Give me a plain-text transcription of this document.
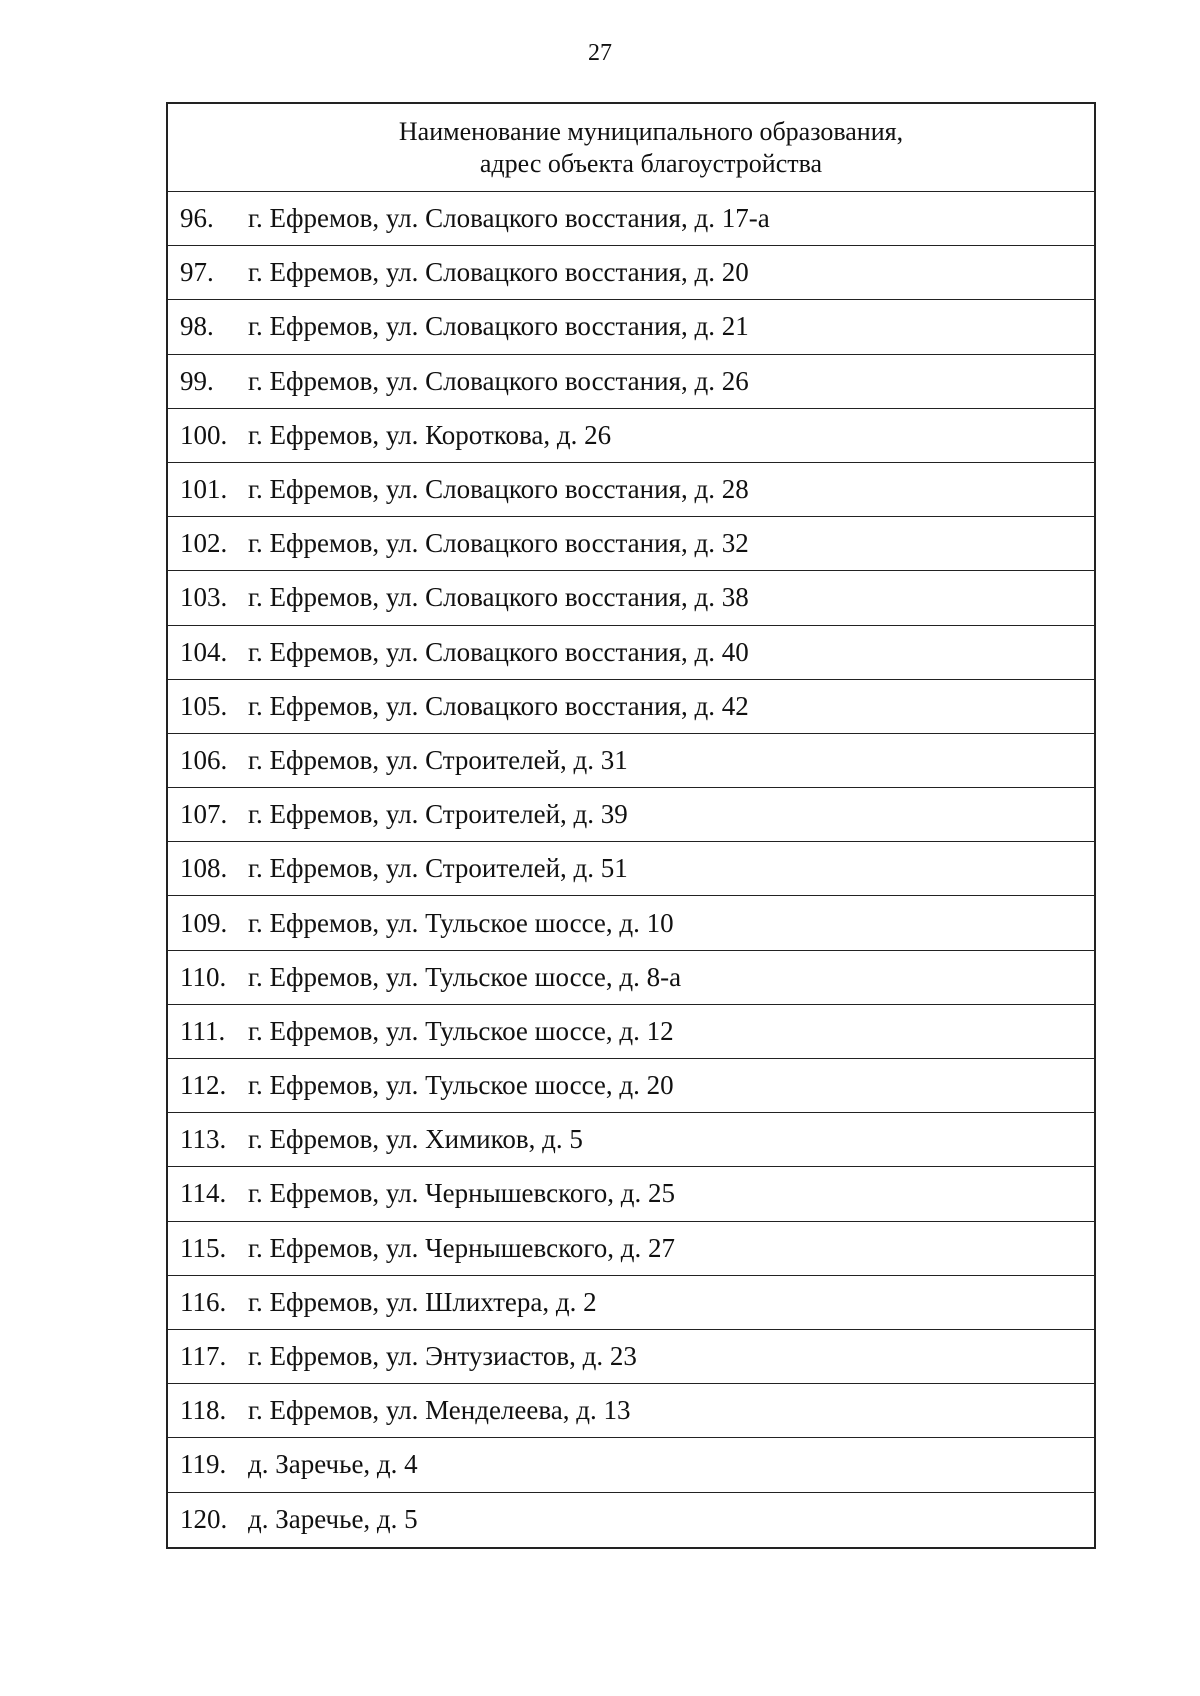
27
Наименование муниципального образования,
адрес объекта благоустройства
96.	г. Ефремов, ул. Словацкого восстания, д. 17-а
97.	г. Ефремов, ул. Словацкого восстания, д. 20
98.	г. Ефремов, ул. Словацкого восстания, д. 21
99.	г. Ефремов, ул. Словацкого восстания, д. 26
100. г. Ефремов, ул. Короткова, д. 26
101. г. Ефремов, ул. Словацкого восстания, д. 28
102. г. Ефремов, ул. Словацкого восстания, д. 32
103. г. Ефремов, ул. Словацкого восстания, д. 38
104. г. Ефремов, ул. Словацкого восстания, д. 40
105. г. Ефремов, ул. Словацкого восстания, д. 42
106. г. Ефремов, ул. Строителей, д. 31
107. г. Ефремов, ул. Строителей, д. 39
108. г. Ефремов, ул. Строителей, д. 51
109. г. Ефремов, ул. Тульское шоссе, д. 10
110. г. Ефремов, ул. Тульское шоссе, д. 8-а
111. г. Ефремов, ул. Тульское шоссе, д. 12
112. г. Ефремов, ул. Тульское шоссе, д. 20
113. г. Ефремов, ул. Химиков, д. 5
114. г. Ефремов, ул. Чернышевского, д. 25
115. г. Ефремов, ул. Чернышевского, д. 27
116. г. Ефремов, ул. Шлихтера, д. 2
117. г. Ефремов, ул. Энтузиастов, д. 23
118. г. Ефремов, ул. Менделеева, д. 13
119. д. Заречье, д. 4
120. д. Заречье, д. 5
